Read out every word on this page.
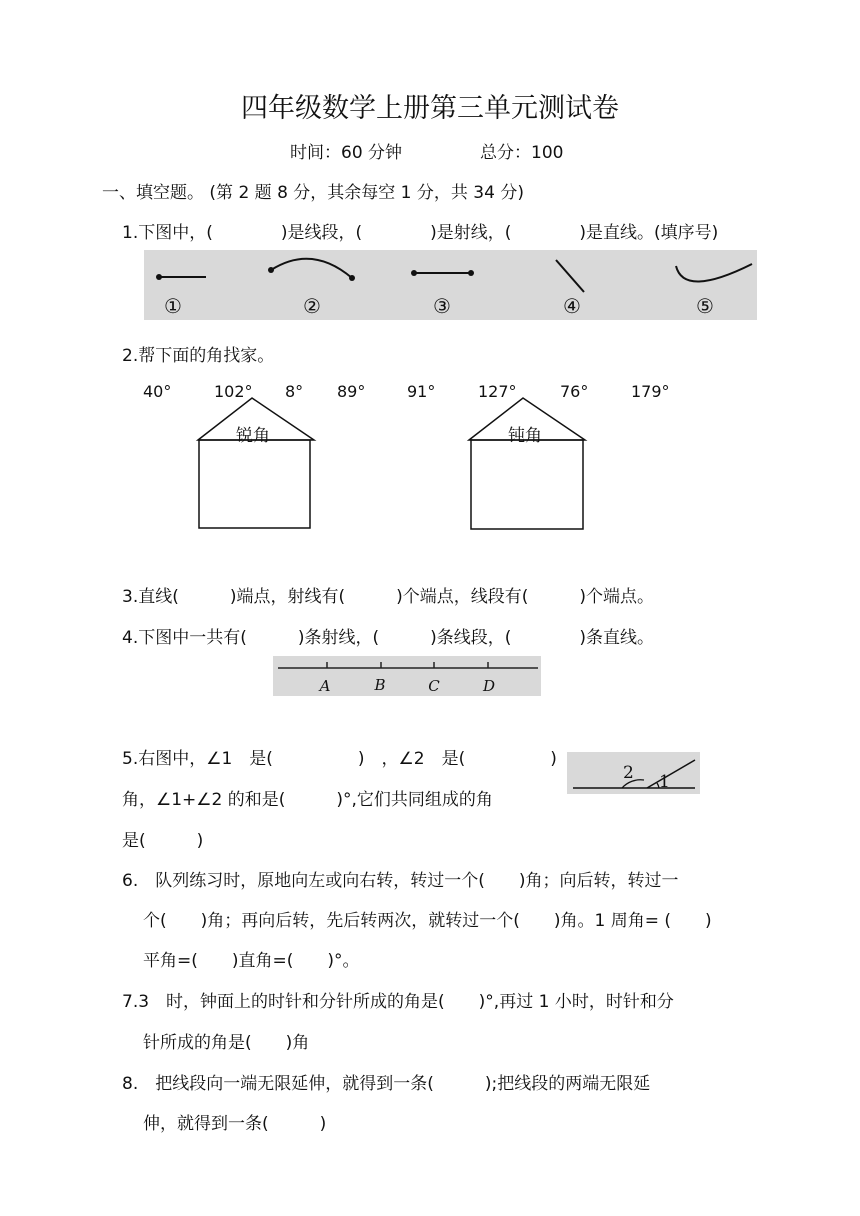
四年级数学上册第三单元测试卷
时间：60 分钟	总分：100
一、填空题。 (第 2 题 8 分，其余每空 1 分，共 34 分)
1.下图中，(　　　　)是线段，(　　　　)是射线，(　　　　)是直线。(填序号)
①	②	③	④	⑤
2.帮下面的角找家。
40°	102° 8° 89°	91°	127°	76°	179°
锐角	钝角
3.直线(　　　)端点，射线有(　　　)个端点，线段有(　　　)个端点。
4.下图中一共有(　　　)条射线，(　　　)条线段，(　　　　)条直线。
A	B	C	D
5.右图中，∠1　是(　　　　　)　，∠2　是(　　　　　)
角，∠1+∠2 的和是(　　　)°,它们共同组成的角
是(　　　)
2 1
6.　队列练习时，原地向左或向右转，转过一个(　　)角；向后转，转过一
个(　　)角；再向后转，先后转两次，就转过一个(　　)角。1 周角= (　　)
平角=(　　)直角=(　　)°。
7.3　时，钟面上的时针和分针所成的角是(　　)°,再过 1 小时，时针和分
针所成的角是(　　)角
8.　把线段向一端无限延伸，就得到一条(　　　);把线段的两端无限延
伸，就得到一条(　　　)
